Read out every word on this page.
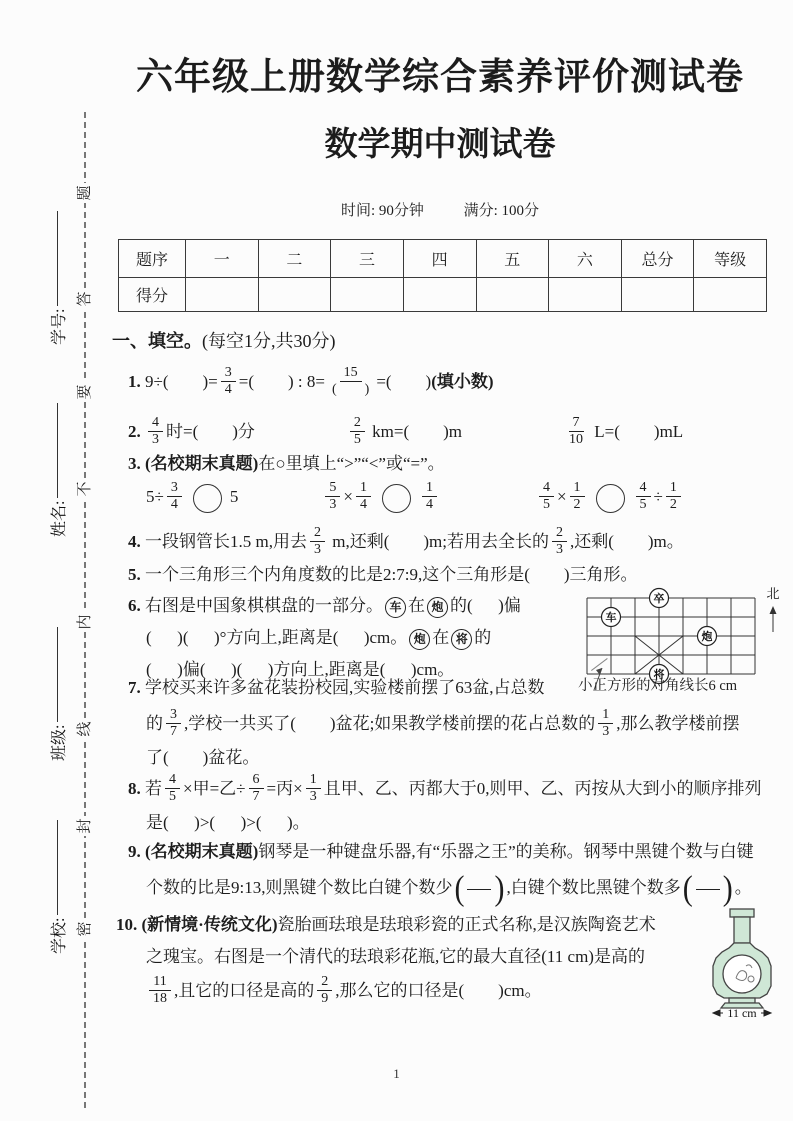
学号:
姓名:
班级:
学校:
六年级上册数学综合素养评价测试卷
数学期中测试卷
时间: 90分钟	满分: 100分
题序	一	二	三	四	五	六	总分	等级
得分								
一、填空。(每空1分,共30分)
1. 9÷(        )= $\frac{3}{4}$ =(        ) : $8= \frac{15}{( )}$ =(        )(填小数)
2. $\frac{4}{3}$ 时=(        )分	$\frac{2}{5} km=$(        )m	$\frac{7}{10} L=$(        )mL
3. (名校期末真题)在○里填上“>”“<”或“=”。
$5\div \frac{3}{4}$	5	$\frac{5}{3} \times \frac{1}{4}$	$\frac{1}{4}$	$\frac{4}{5} \times \frac{1}{2}$	$\frac{4}{5} \div \frac{1}{2}$
4. 一段钢管长1.5 m,用去 $\frac{2}{3} m$,还剩(        )m;若用去全长的 $\frac{2}{3}$ ,还剩(        )m。
5. 一个三角形三个内角度数的比是2:7:9,这个三角形是(        )三角形。
6. 右图是中国象棋棋盘的一部分。 车 在 炮 的(      )偏
(      )(      )°方向上,距离是(      )cm。 炮 在 将 的
(      )偏(      )(      )方向上,距离是(      )cm。
7. 学校买来许多盆花装扮校园,实验楼前摆了63盆,占总数
的 $\frac{3}{7}$ ,学校一共买了(        )盆花;如果教学楼前摆的花占总数的 $\frac{1}{3}$ ,那么教学楼前摆
了(        )盆花。
8. 若 $\frac{4}{5}$ ×甲=乙÷ $\frac{6}{7}$ =丙× $\frac{1}{3}$ 且甲、乙、丙都大于0,则甲、乙、丙按从大到小的顺序排列
是(      )>(      )>(      )。
9. (名校期末真题)钢琴是一种键盘乐器,有“乐器之王”的美称。钢琴中黑键个数与白键
个数的比是9:13,则黑键个数比白键个数少 ( ) ,白键个数比黑键个数多 ( ) 。
10. (新情境·传统文化)瓷胎画珐琅是珐琅彩瓷的正式名称,是汉族陶瓷艺术
之瑰宝。右图是一个清代的珐琅彩花瓶,它的最大直径(11 cm)是高的
$\frac{11}{18}$ ,且它的口径是高的 $\frac{2}{9}$ ,那么它的口径是(        )cm。
卒
车
炮
将
北
小正方形的对角线长6 cm
11 cm
1
题
答
要
不
内
线
封
密
